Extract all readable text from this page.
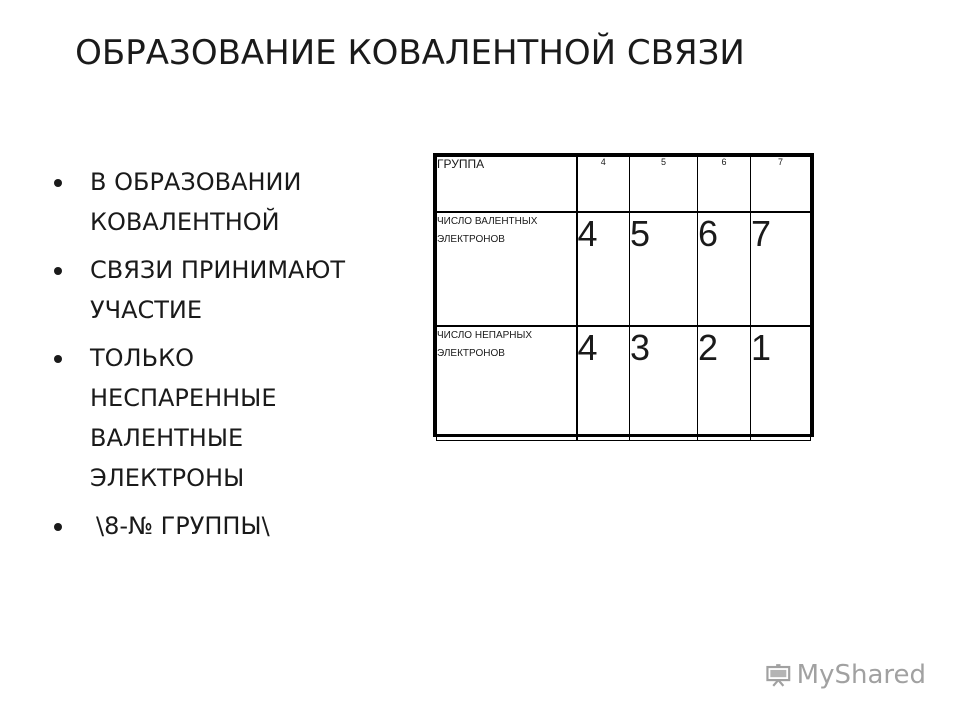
ОБРАЗОВАНИЕ КОВАЛЕНТНОЙ СВЯЗИ
В ОБРАЗОВАНИИ КОВАЛЕНТНОЙ
СВЯЗИ ПРИНИМАЮТ УЧАСТИЕ
ТОЛЬКО НЕСПАРЕННЫЕ ВАЛЕНТНЫЕ ЭЛЕКТРОНЫ
\8-№ ГРУППЫ\
ГРУППА	4	5	6	7
ЧИСЛО ВАЛЕНТНЫХ ЭЛЕКТРОНОВ	4	5	6	7
ЧИСЛО НЕПАРНЫХ ЭЛЕКТРОНОВ	4	3	2	1
MyShared
